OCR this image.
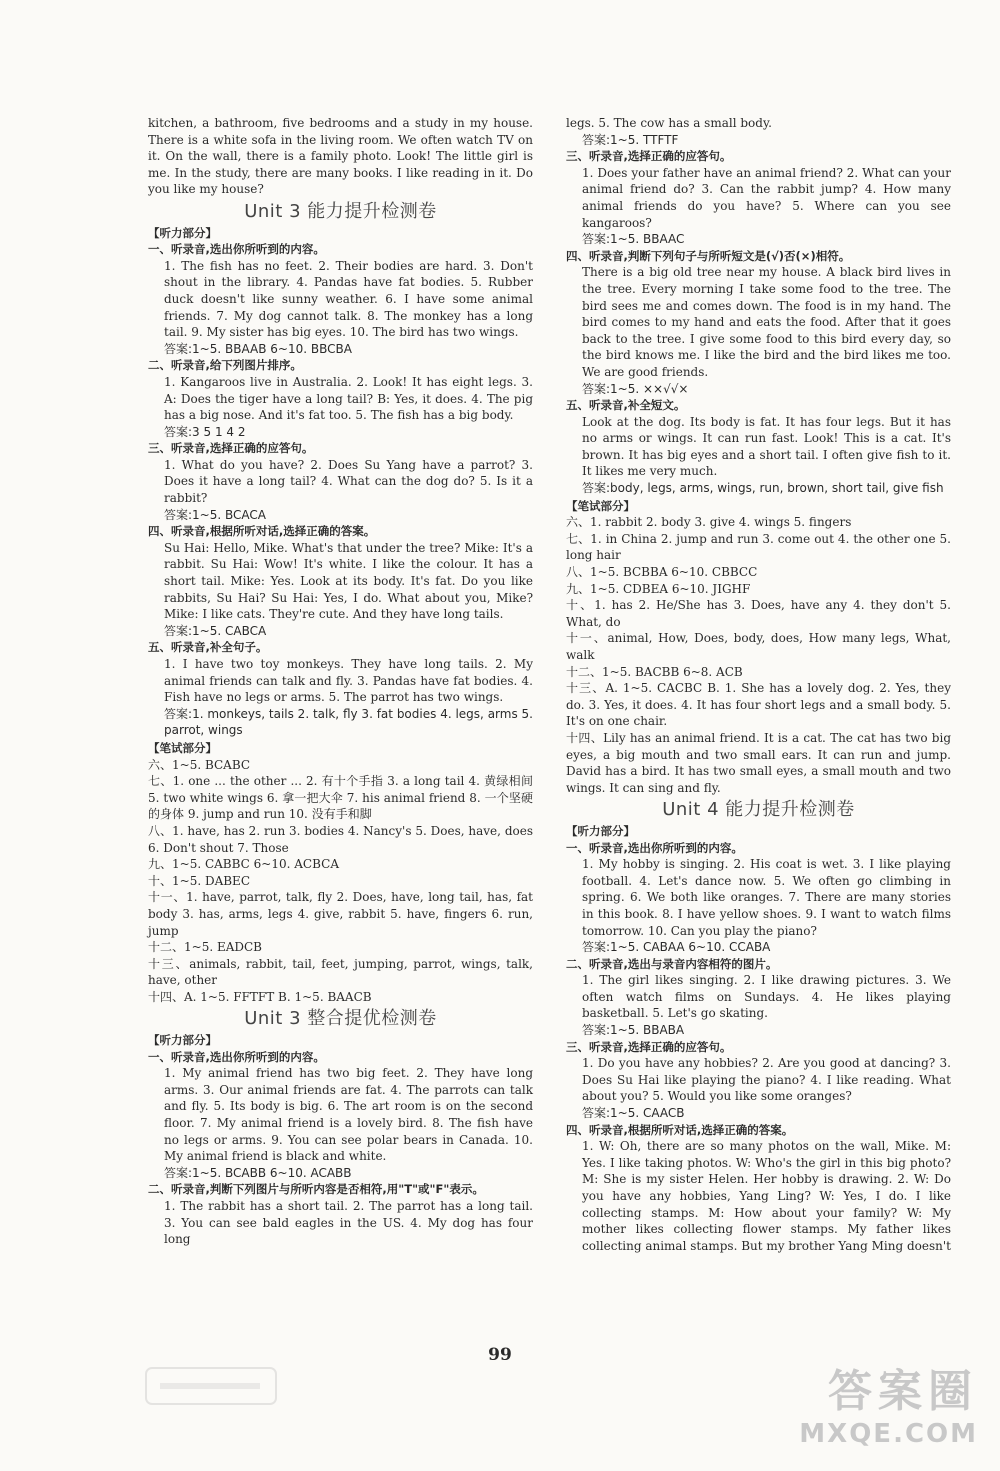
kitchen, a bathroom, five bedrooms and a study in my house. There is a white sofa in the living room. We often watch TV on it. On the wall, there is a family photo. Look! The little girl is me. In the study, there are many books. I like reading in it. Do you like my house?

Unit 3 能力提升检测卷
【听力部分】
一、听录音,选出你所听到的内容。

1. The fish has no feet. 2. Their bodies are hard. 3. Don't shout in the library. 4. Pandas have fat bodies. 5. Rubber duck doesn't like sunny weather. 6. I have some animal friends. 7. My dog cannot talk. 8. The monkey has a long tail. 9. My sister has big eyes. 10. The bird has two wings.

答案:1~5. BBAAB 6~10. BBCBA

二、听录音,给下列图片排序。

1. Kangaroos live in Australia. 2. Look! It has eight legs. 3. A: Does the tiger have a long tail? B: Yes, it does. 4. The pig has a big nose. And it's fat too. 5. The fish has a big body.

答案:3 5 1 4 2

三、听录音,选择正确的应答句。

1. What do you have? 2. Does Su Yang have a parrot? 3. Does it have a long tail? 4. What can the dog do? 5. Is it a rabbit?

答案:1~5. BCACA

四、听录音,根据所听对话,选择正确的答案。

Su Hai: Hello, Mike. What's that under the tree? Mike: It's a rabbit. Su Hai: Wow! It's white. I like the colour. It has a short tail. Mike: Yes. Look at its body. It's fat. Do you like rabbits, Su Hai? Su Hai: Yes, I do. What about you, Mike? Mike: I like cats. They're cute. And they have long tails.

答案:1~5. CABCA

五、听录音,补全句子。

1. I have two toy monkeys. They have long tails. 2. My animal friends can talk and fly. 3. Pandas have fat bodies. 4. Fish have no legs or arms. 5. The parrot has two wings.

答案:1. monkeys, tails 2. talk, fly 3. fat bodies 4. legs, arms 5. parrot, wings

【笔试部分】

六、1~5. BCABC

七、1. one ... the other ... 2. 有十个手指 3. a long tail 4. 黄绿相间 5. two white wings 6. 拿一把大伞 7. his animal friend 8. 一个坚硬的身体 9. jump and run 10. 没有手和脚

八、1. have, has 2. run 3. bodies 4. Nancy's 5. Does, have, does 6. Don't shout 7. Those

九、1~5. CABBC 6~10. ACBCA

十、1~5. DABEC

十一、1. have, parrot, talk, fly 2. Does, have, long tail, has, fat body 3. has, arms, legs 4. give, rabbit 5. have, fingers 6. run, jump

十二、1~5. EADCB

十三、animals, rabbit, tail, feet, jumping, parrot, wings, talk, have, other

十四、A. 1~5. FFTFT B. 1~5. BAACB

Unit 3 整合提优检测卷
【听力部分】
一、听录音,选出你所听到的内容。

1. My animal friend has two big feet. 2. They have long arms. 3. Our animal friends are fat. 4. The parrots can talk and fly. 5. Its body is big. 6. The art room is on the second floor. 7. My animal friend is a lovely bird. 8. The fish have no legs or arms. 9. You can see polar bears in Canada. 10. My animal friend is black and white.

答案:1~5. BCABB 6~10. ACABB

二、听录音,判断下列图片与所听内容是否相符,用"T"或"F"表示。

1. The rabbit has a short tail. 2. The parrot has a long tail. 3. You can see bald eagles in the US. 4. My dog has four long

legs. 5. The cow has a small body.

答案:1~5. TTFTF

三、听录音,选择正确的应答句。

1. Does your father have an animal friend? 2. What can your animal friend do? 3. Can the rabbit jump? 4. How many animal friends do you have? 5. Where can you see kangaroos?

答案:1~5. BBAAC

四、听录音,判断下列句子与所听短文是(√)否(×)相符。

There is a big old tree near my house. A black bird lives in the tree. Every morning I take some food to the tree. The bird sees me and comes down. The food is in my hand. The bird comes to my hand and eats the food. After that it goes back to the tree. I give some food to this bird every day, so the bird knows me. I like the bird and the bird likes me too. We are good friends.

答案:1~5. ××√√×

五、听录音,补全短文。

Look at the dog. Its body is fat. It has four legs. But it has no arms or wings. It can run fast. Look! This is a cat. It's brown. It has big eyes and a short tail. I often give fish to it. It likes me very much.

答案:body, legs, arms, wings, run, brown, short tail, give fish

【笔试部分】

六、1. rabbit 2. body 3. give 4. wings 5. fingers

七、1. in China 2. jump and run 3. come out 4. the other one 5. long hair

八、1~5. BCBBA 6~10. CBBCC

九、1~5. CDBEA 6~10. JIGHF

十、1. has 2. He/She has 3. Does, have any 4. they don't 5. What, do

十一、animal, How, Does, body, does, How many legs, What, walk

十二、1~5. BACBB 6~8. ACB

十三、A. 1~5. CACBC B. 1. She has a lovely dog. 2. Yes, they do. 3. Yes, it does. 4. It has four short legs and a small body. 5. It's on one chair.

十四、Lily has an animal friend. It is a cat. The cat has two big eyes, a big mouth and two small ears. It can run and jump. David has a bird. It has two small eyes, a small mouth and two wings. It can sing and fly.

Unit 4 能力提升检测卷
【听力部分】
一、听录音,选出你所听到的内容。

1. My hobby is singing. 2. His coat is wet. 3. I like playing football. 4. Let's dance now. 5. We often go climbing in spring. 6. We both like oranges. 7. There are many stories in this book. 8. I have yellow shoes. 9. I want to watch films tomorrow. 10. Can you play the piano?

答案:1~5. CABAA 6~10. CCABA

二、听录音,选出与录音内容相符的图片。

1. The girl likes singing. 2. I like drawing pictures. 3. We often watch films on Sundays. 4. He likes playing basketball. 5. Let's go skating.

答案:1~5. BBABA

三、听录音,选择正确的应答句。

1. Do you have any hobbies? 2. Are you good at dancing? 3. Does Su Hai like playing the piano? 4. I like reading. What about you? 5. Would you like some oranges?

答案:1~5. CAACB

四、听录音,根据所听对话,选择正确的答案。

1. W: Oh, there are so many photos on the wall, Mike. M: Yes. I like taking photos. W: Who's the girl in this big photo? M: She is my sister Helen. Her hobby is drawing. 2. W: Do you have any hobbies, Yang Ling? W: Yes, I do. I like collecting stamps. M: How about your family? W: My mother likes collecting flower stamps. My father likes collecting animal stamps. But my brother Yang Ming doesn't

99
答案圈
MXQE.COM
